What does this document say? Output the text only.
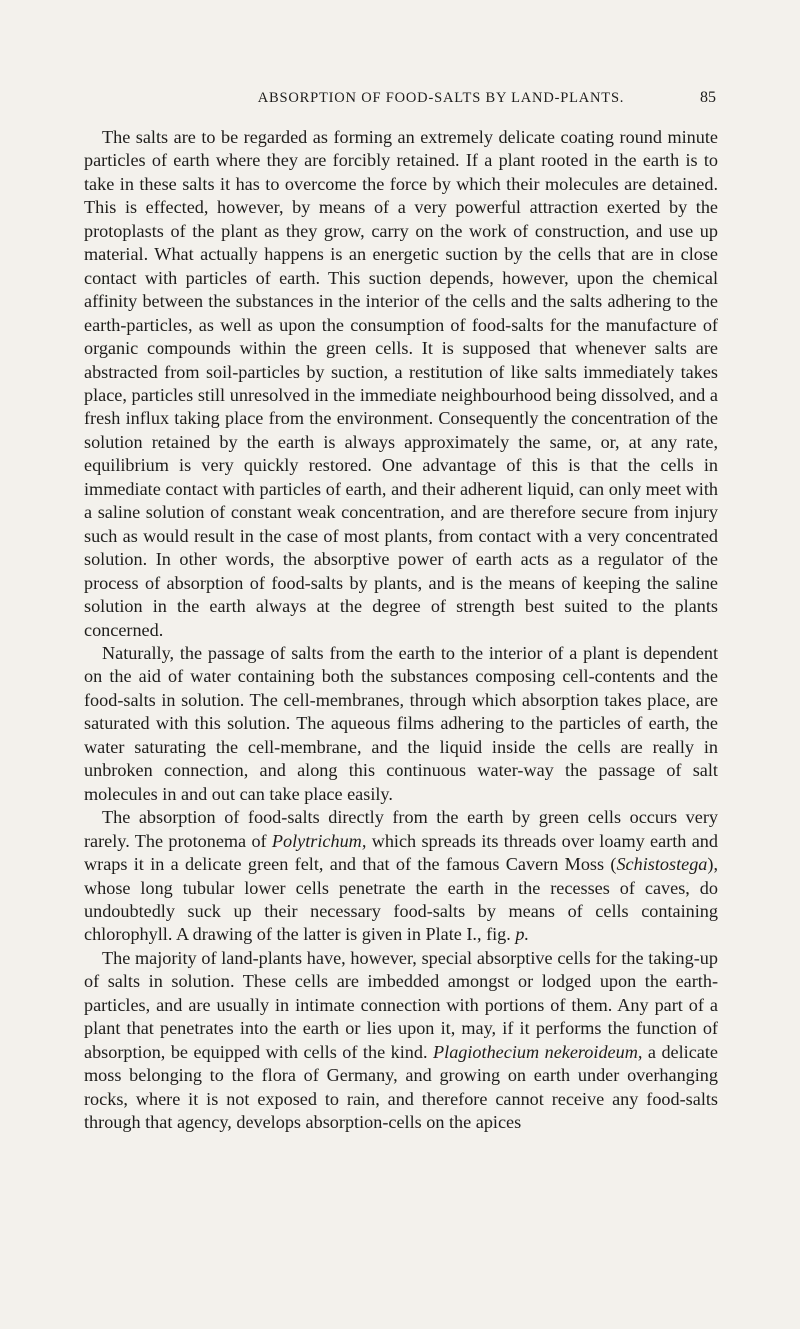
ABSORPTION OF FOOD-SALTS BY LAND-PLANTS.	85

The salts are to be regarded as forming an extremely delicate coating round minute particles of earth where they are forcibly retained. If a plant rooted in the earth is to take in these salts it has to overcome the force by which their molecules are detained. This is effected, however, by means of a very powerful attraction exerted by the protoplasts of the plant as they grow, carry on the work of construction, and use up material. What actually happens is an energetic suction by the cells that are in close contact with particles of earth. This suction depends, however, upon the chemical affinity between the substances in the interior of the cells and the salts adhering to the earth-particles, as well as upon the consumption of food-salts for the manufacture of organic compounds within the green cells. It is supposed that whenever salts are abstracted from soil-particles by suction, a restitution of like salts immediately takes place, particles still unresolved in the immediate neighbourhood being dissolved, and a fresh influx taking place from the environment. Consequently the concentration of the solution retained by the earth is always approximately the same, or, at any rate, equilibrium is very quickly restored. One advantage of this is that the cells in immediate contact with particles of earth, and their adherent liquid, can only meet with a saline solution of constant weak concentration, and are therefore secure from injury such as would result in the case of most plants, from contact with a very concentrated solution. In other words, the absorptive power of earth acts as a regulator of the process of absorption of food-salts by plants, and is the means of keeping the saline solution in the earth always at the degree of strength best suited to the plants concerned.

Naturally, the passage of salts from the earth to the interior of a plant is dependent on the aid of water containing both the substances composing cell-contents and the food-salts in solution. The cell-membranes, through which absorption takes place, are saturated with this solution. The aqueous films adhering to the particles of earth, the water saturating the cell-membrane, and the liquid inside the cells are really in unbroken connection, and along this continuous water-way the passage of salt molecules in and out can take place easily.

The absorption of food-salts directly from the earth by green cells occurs very rarely. The protonema of Polytrichum, which spreads its threads over loamy earth and wraps it in a delicate green felt, and that of the famous Cavern Moss (Schistostega), whose long tubular lower cells penetrate the earth in the recesses of caves, do undoubtedly suck up their necessary food-salts by means of cells containing chlorophyll. A drawing of the latter is given in Plate I., fig. p.

The majority of land-plants have, however, special absorptive cells for the taking-up of salts in solution. These cells are imbedded amongst or lodged upon the earth-particles, and are usually in intimate connection with portions of them. Any part of a plant that penetrates into the earth or lies upon it, may, if it performs the function of absorption, be equipped with cells of the kind. Plagiothecium nekeroideum, a delicate moss belonging to the flora of Germany, and growing on earth under overhanging rocks, where it is not exposed to rain, and therefore cannot receive any food-salts through that agency, develops absorption-cells on the apices
